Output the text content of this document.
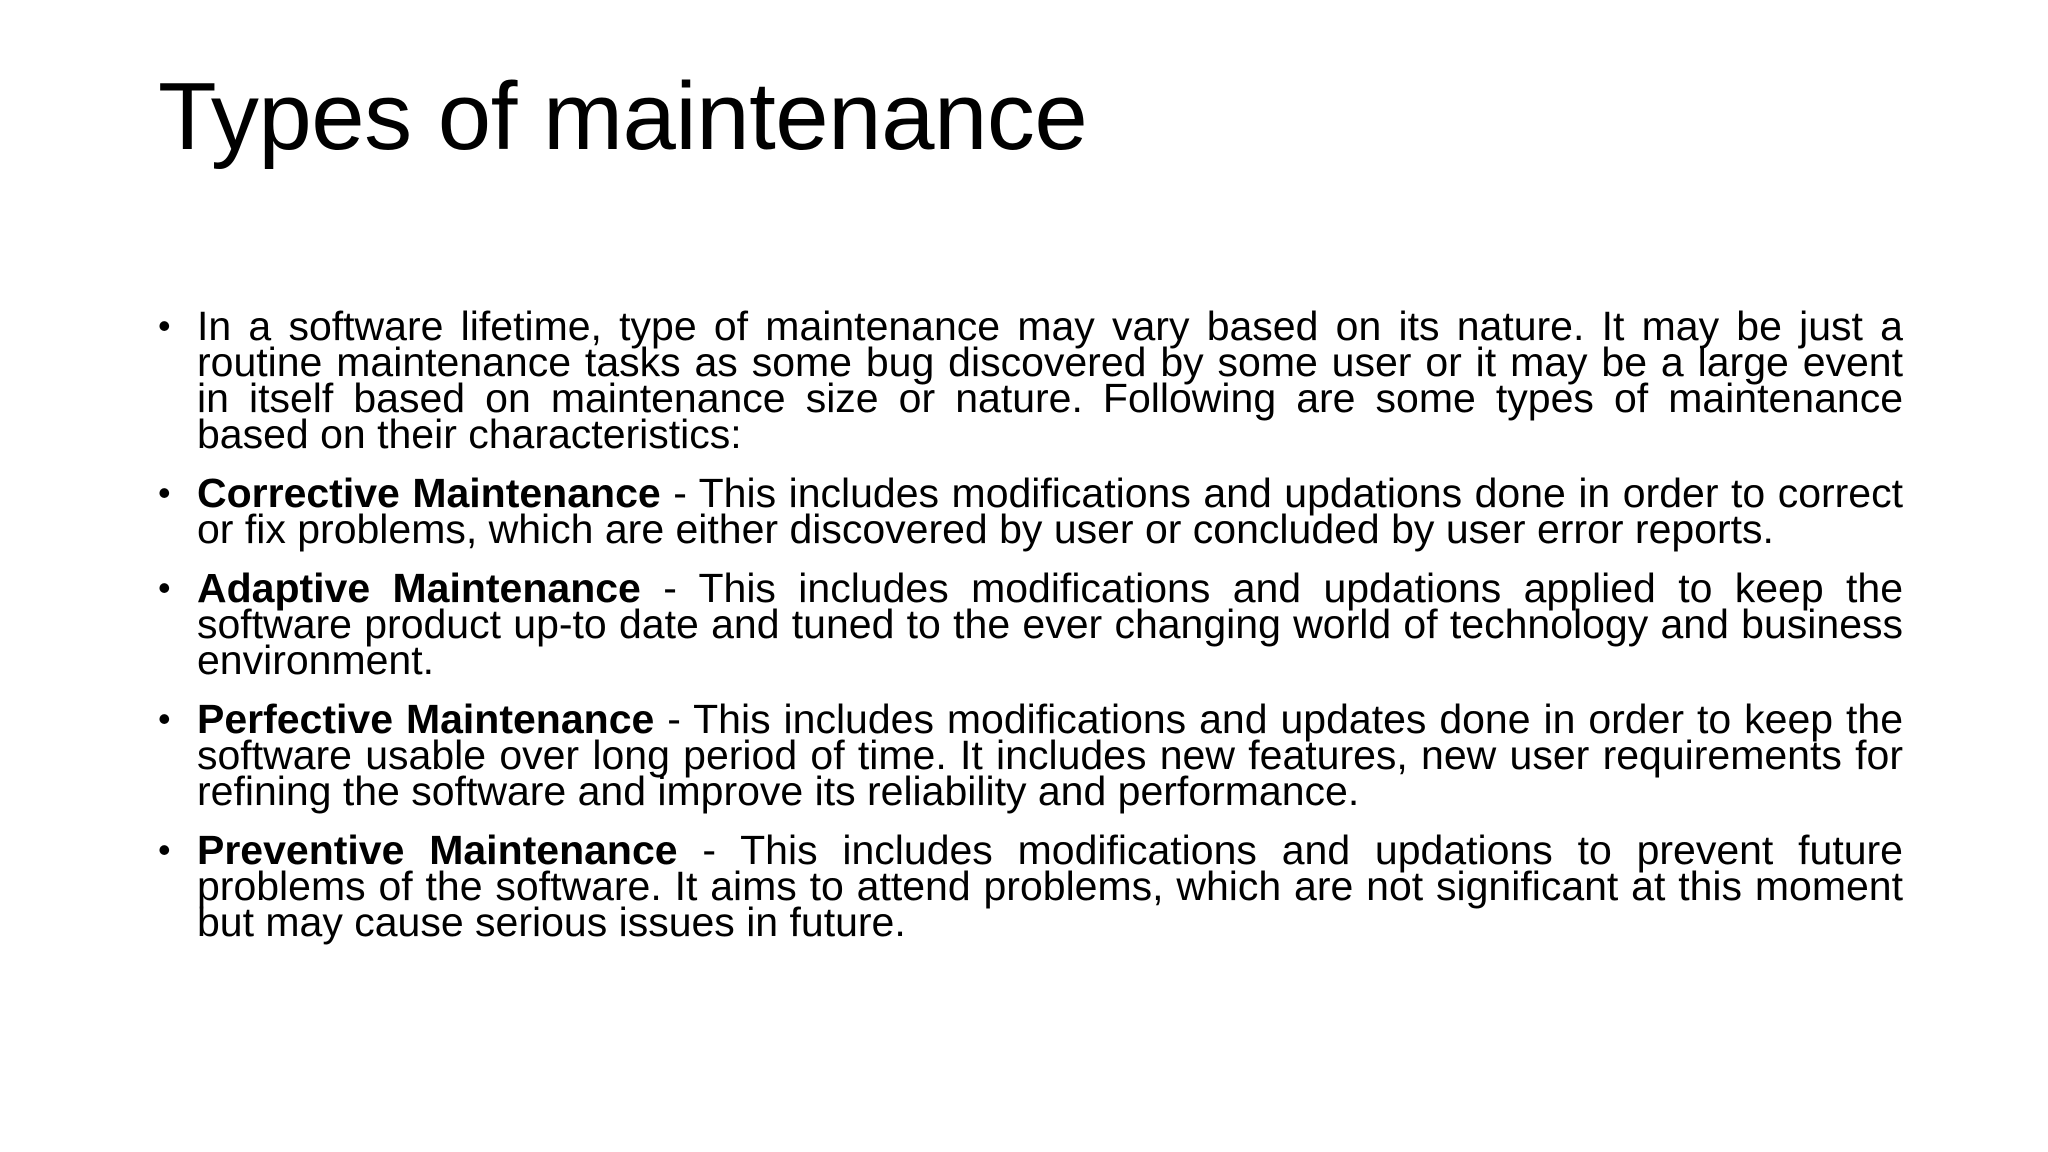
Types of maintenance
• In a software lifetime, type of maintenance may vary based on its nature. It may be just a routine maintenance tasks as some bug discovered by some user or it may be a large event in itself based on maintenance size or nature. Following are some types of maintenance based on their characteristics:
• Corrective Maintenance - This includes modifications and updations done in order to correct or fix problems, which are either discovered by user or concluded by user error reports.
• Adaptive Maintenance - This includes modifications and updations applied to keep the software product up-to date and tuned to the ever changing world of technology and business environment.
• Perfective Maintenance - This includes modifications and updates done in order to keep the software usable over long period of time. It includes new features, new user requirements for refining the software and improve its reliability and performance.
• Preventive Maintenance - This includes modifications and updations to prevent future problems of the software. It aims to attend problems, which are not significant at this moment but may cause serious issues in future.
